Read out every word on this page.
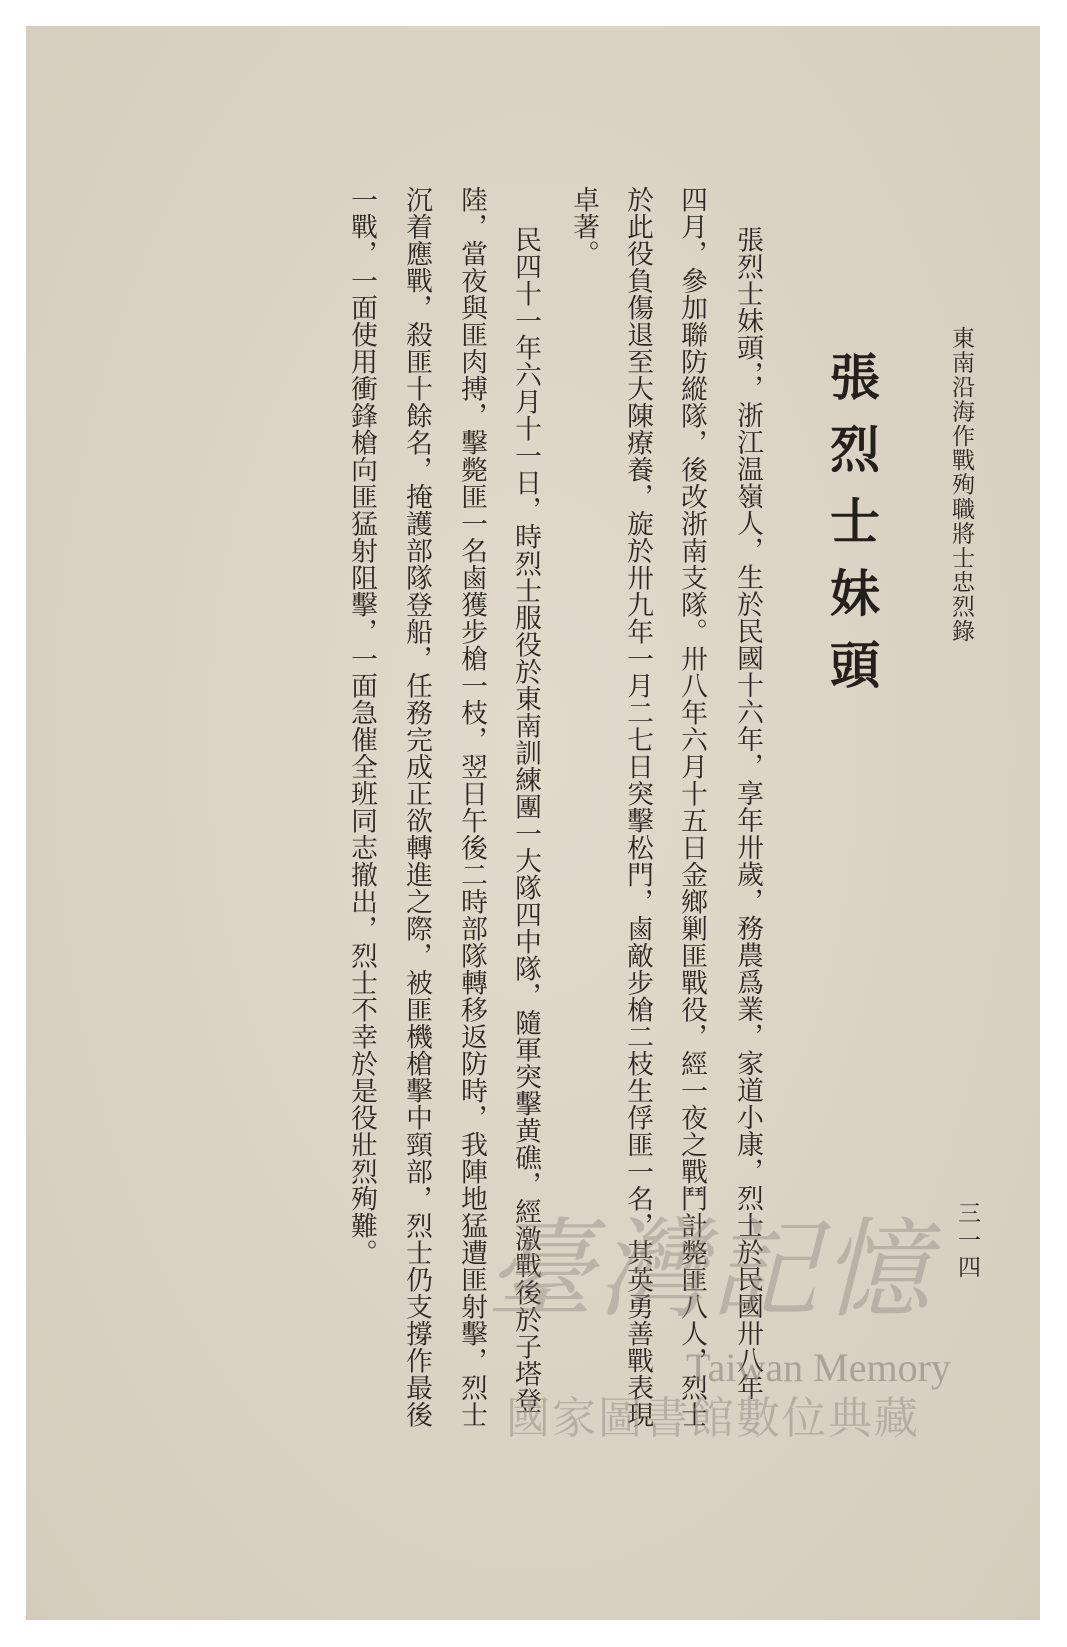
東南沿海作戰殉職將士忠烈錄
三一四
張烈士妹頭
張烈士妹頭，，浙江温嶺人，生於民國十六年，享年卅歲，務農爲業，家道小康，烈士於民國卅八年
四月，參加聯防縱隊，後改浙南支隊。卅八年六月十五日金鄉剿匪戰役，經一夜之戰鬥計斃匪八人，烈士
於此役負傷退至大陳療養，旋於卅九年一月二七日突擊松門，鹵敵步槍二枝生俘匪一名，其英勇善戰表現
卓著。
民四十一年六月十一日，時烈士服役於東南訓練團一大隊四中隊，隨軍突擊黄礁，經激戰後於子塔登
陸，當夜與匪肉搏，擊斃匪一名鹵獲步槍一枝，翌日午後二時部隊轉移返防時，我陣地猛遭匪射擊，烈士
沉着應戰，殺匪十餘名，掩護部隊登船，任務完成正欲轉進之際，被匪機槍擊中頸部，烈士仍支撐作最後
一戰，一面使用衝鋒槍向匪猛射阻擊，一面急催全班同志撤出，烈士不幸於是役壯烈殉難。
臺灣記憶
Taiwan Memory
國家圖書館數位典藏
